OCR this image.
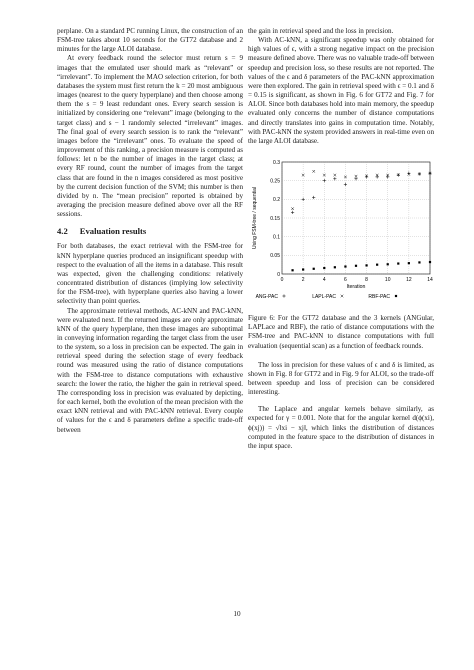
perplane. On a standard PC running Linux, the construction of an FSM-tree takes about 10 seconds for the GT72 database and 2 minutes for the large ALOI database.

At every feedback round the selector must return s = 9 images that the emulated user should mark as “relevant” or “irrelevant”. To implement the MAO selection criterion, for both databases the system must first return the k = 20 most ambiguous images (nearest to the query hyperplane) and then choose among them the s = 9 least redundant ones. Every search session is initialized by considering one “relevant” image (belonging to the target class) and s − 1 randomly selected “irrelevant” images. The final goal of every search session is to rank the “relevant” images before the “irrelevant” ones. To evaluate the speed of improvement of this ranking, a precision measure is computed as follows: let n be the number of images in the target class; at every RF round, count the number of images from the target class that are found in the n images considered as most positive by the current decision function of the SVM; this number is then divided by n. The “mean precision” reported is obtained by averaging the precision measure defined above over all the RF sessions.

4.2 Evaluation results

For both databases, the exact retrieval with the FSM-tree for kNN hyperplane queries produced an insignificant speedup with respect to the evaluation of all the items in a database. This result was expected, given the challenging conditions: relatively concentrated distribution of distances (implying low selectivity for the FSM-tree), with hyperplane queries also having a lower selectivity than point queries.

The approximate retrieval methods, AC-kNN and PAC-kNN, were evaluated next. If the returned images are only approximate kNN of the query hyperplane, then these images are suboptimal in conveying information regarding the target class from the user to the system, so a loss in precision can be expected. The gain in retrieval speed during the selection stage of every feedback round was measured using the ratio of distance computations with the FSM-tree to distance computations with exhaustive search: the lower the ratio, the higher the gain in retrieval speed. The corresponding loss in precision was evaluated by depicting, for each kernel, both the evolution of the mean precision with the exact kNN retrieval and with PAC-kNN retrieval. Every couple of values for the ϵ and δ parameters define a specific trade-off between

the gain in retrieval speed and the loss in precision.

With AC-kNN, a significant speedup was only obtained for high values of ϵ, with a strong negative impact on the precision measure defined above. There was no valuable trade-off between speedup and precision loss, so these results are not reported. The values of the ϵ and δ parameters of the PAC-kNN approximation were then explored. The gain in retrieval speed with ϵ = 0.1 and δ = 0.15 is significant, as shown in Fig. 6 for GT72 and Fig. 7 for ALOI. Since both databases hold into main memory, the speedup evaluated only concerns the number of distance computations and directly translates into gains in computation time. Notably, with PAC-kNN the system provided answers in real-time even on the large ALOI database.

0
0.05
0.1
0.15
0.2
0.25
0.3
0	2	4	6	8	10	12	14
Iteration
Using FSM-tree / sequential
ANG-PAC	LAPL-PAC	RBF-PAC

Figure 6: For the GT72 database and the 3 kernels (ANGular, LAPLace and RBF), the ratio of distance computations with the FSM-tree and PAC-kNN to distance computations with full evaluation (sequential scan) as a function of feedback rounds.

The loss in precision for these values of ϵ and δ is limited, as shown in Fig. 8 for GT72 and in Fig. 9 for ALOI, so the trade-off between speedup and loss of precision can be considered interesting.

The Laplace and angular kernels behave similarly, as expected for γ = 0.001. Note that for the angular kernel d(ϕ(xi), ϕ(xj)) = √‖xi − xj‖, which links the distribution of distances computed in the feature space to the distribution of distances in the input space.

10
